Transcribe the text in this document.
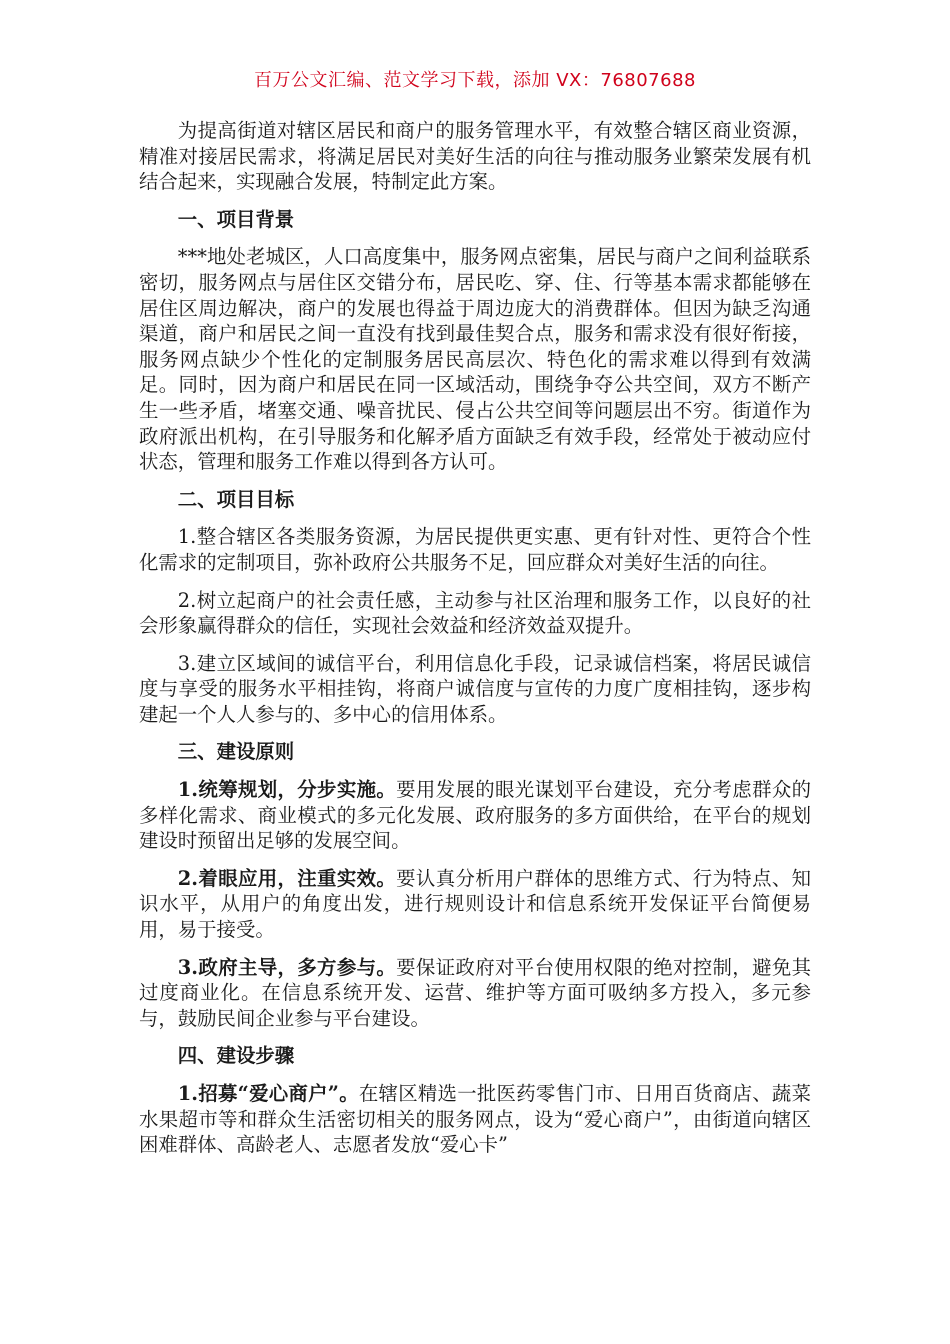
百万公文汇编、范文学习下载，添加 VX：76807688

为提高街道对辖区居民和商户的服务管理水平，有效整合辖区商业资源，精准对接居民需求，将满足居民对美好生活的向往与推动服务业繁荣发展有机结合起来，实现融合发展，特制定此方案。

一、项目背景

***地处老城区，人口高度集中，服务网点密集，居民与商户之间利益联系密切，服务网点与居住区交错分布，居民吃、穿、住、行等基本需求都能够在居住区周边解决，商户的发展也得益于周边庞大的消费群体。但因为缺乏沟通渠道，商户和居民之间一直没有找到最佳契合点，服务和需求没有很好衔接，服务网点缺少个性化的定制服务居民高层次、特色化的需求难以得到有效满足。同时，因为商户和居民在同一区域活动，围绕争夺公共空间，双方不断产生一些矛盾，堵塞交通、噪音扰民、侵占公共空间等问题层出不穷。街道作为政府派出机构，在引导服务和化解矛盾方面缺乏有效手段，经常处于被动应付状态，管理和服务工作难以得到各方认可。

二、项目目标

1.整合辖区各类服务资源，为居民提供更实惠、更有针对性、更符合个性化需求的定制项目，弥补政府公共服务不足，回应群众对美好生活的向往。

2.树立起商户的社会责任感，主动参与社区治理和服务工作，以良好的社会形象赢得群众的信任，实现社会效益和经济效益双提升。

3.建立区域间的诚信平台，利用信息化手段，记录诚信档案，将居民诚信度与享受的服务水平相挂钩，将商户诚信度与宣传的力度广度相挂钩，逐步构建起一个人人参与的、多中心的信用体系。

三、建设原则

1.统筹规划，分步实施。要用发展的眼光谋划平台建设，充分考虑群众的多样化需求、商业模式的多元化发展、政府服务的多方面供给，在平台的规划建设时预留出足够的发展空间。

2.着眼应用，注重实效。要认真分析用户群体的思维方式、行为特点、知识水平，从用户的角度出发，进行规则设计和信息系统开发保证平台简便易用，易于接受。

3.政府主导，多方参与。要保证政府对平台使用权限的绝对控制，避免其过度商业化。在信息系统开发、运营、维护等方面可吸纳多方投入，多元参与，鼓励民间企业参与平台建设。

四、建设步骤

1.招募“爱心商户”。在辖区精选一批医药零售门市、日用百货商店、蔬菜水果超市等和群众生活密切相关的服务网点，设为“爱心商户”，由街道向辖区困难群体、高龄老人、志愿者发放“爱心卡”
